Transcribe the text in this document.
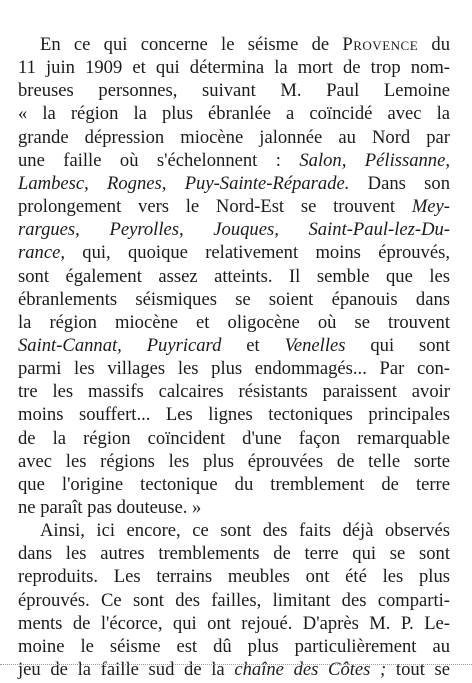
En ce qui concerne le séisme de Provence du
11 juin 1909 et qui détermina la mort de trop nom-
breuses personnes, suivant M. Paul Lemoine
« la région la plus ébranlée a coïncidé avec la
grande dépression miocène jalonnée au Nord par
une faille où s'échelonnent : Salon, Pélissanne,
Lambesc, Rognes, Puy-Sainte-Réparade. Dans son
prolongement vers le Nord-Est se trouvent Mey-
rargues, Peyrolles, Jouques, Saint-Paul-lez-Du-
rance, qui, quoique relativement moins éprouvés,
sont également assez atteints. Il semble que les
ébranlements séismiques se soient épanouis dans
la région miocène et oligocène où se trouvent
Saint-Cannat, Puyricard et Venelles qui sont
parmi les villages les plus endommagés... Par con-
tre les massifs calcaires résistants paraissent avoir
moins souffert... Les lignes tectoniques principales
de la région coïncident d'une façon remarquable
avec les régions les plus éprouvées de telle sorte
que l'origine tectonique du tremblement de terre
ne paraît pas douteuse. »
Ainsi, ici encore, ce sont des faits déjà observés
dans les autres tremblements de terre qui se sont
reproduits. Les terrains meubles ont été les plus
éprouvés. Ce sont des failles, limitant des comparti-
ments de l'écorce, qui ont rejoué. D'après M. P. Le-
moine le séisme est dû plus particulièrement au
jeu de la faille sud de la chaîne des Côtes ; tout se
